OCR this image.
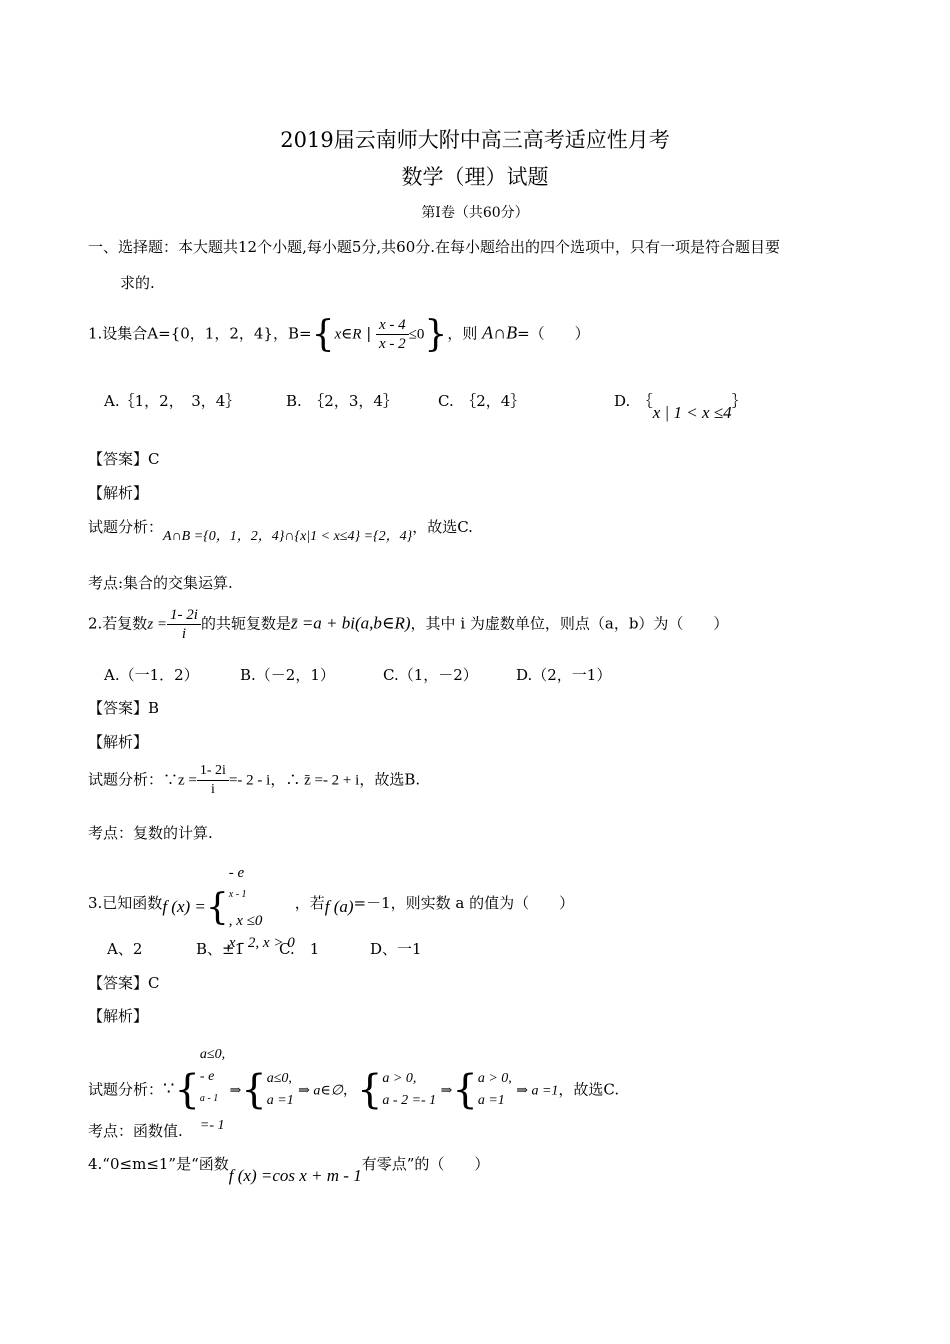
2019届云南师大附中高三高考适应性月考
数学（理）试题
第Ⅰ卷（共60分）
一、选择题：本大题共12个小题,每小题5分,共60分.在每小题给出的四个选项中，只有一项是符合题目要
求的.
1.设集合A={0，1，2，4}，B={x∈R | $\frac{x - 4}{x - 2} \le 0$}，则 A∩B=（　　）
A.｛1，2，　3，4｝	B.　｛2，3，4｝	C.　｛2，4｝	D.　｛x | 1 < x ≤4｝
【答案】C
【解析】
试题分析：A∩B ={0，1，2，4}∩{x|1 < x≤4} ={2，4}，故选C.
考点:集合的交集运算.
2.若复数$z = \frac{1- 2i}{i}$ 的共轭复数是z̄ =a + bi(a,b∈R)，其中 i 为虚数单位，则点（a，b）为（　　）
A.（一1．2）	B.（－2，1）	C.（1，－2）	D.（2，一1）
【答案】B
【解析】
试题分析：∵z = $\frac{1- 2i}{i} =- 2 - i$，∴ z̄ =- 2 + i，故选B.
考点：复数的计算.
3.已知函数f (x) ={
- e
$^{x - 1}$
, x ≤0
x - 2, x > 0
，若f (a)=－1，则实数 a 的值为（　　）
A、2	B、±1 C.　1	D、一1
【答案】C
【解析】
试题分析：∵{
a≤0,
- e
$^{a - 1}$
=- 1
⇒{ a≤0,
a =1
⇒ a∈∅，{ a > 0,
a - 2 =- 1
⇒{ a > 0,
a =1
⇒ a =1，故选C.
考点：函数值.
4.“0≤m≤1”是“函数f (x) =cos x + m - 1有零点”的（　　）
